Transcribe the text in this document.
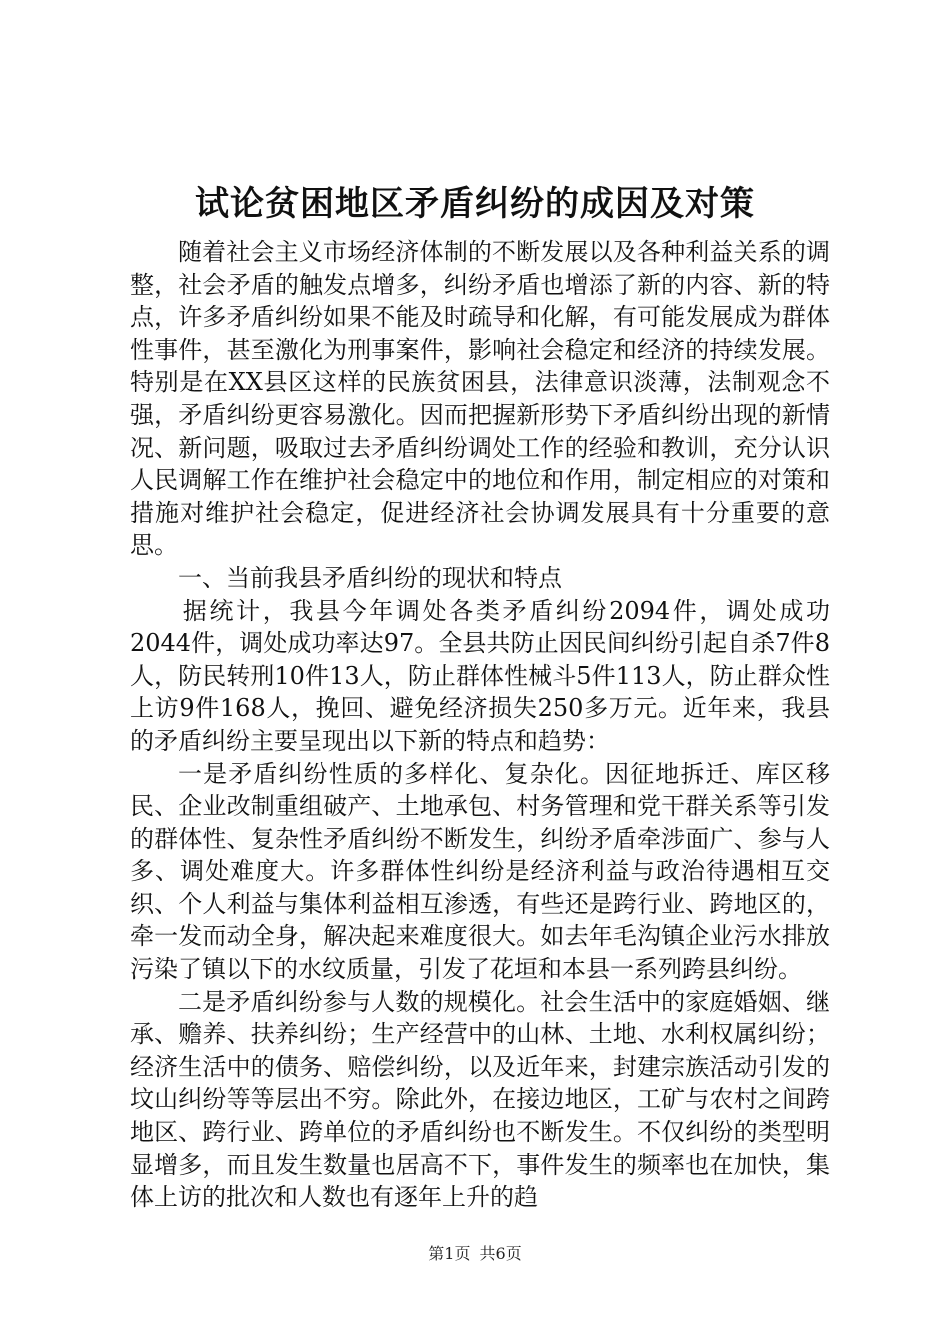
试论贫困地区矛盾纠纷的成因及对策

随着社会主义市场经济体制的不断发展以及各种利益关系的调整，社会矛盾的触发点增多，纠纷矛盾也增添了新的内容、新的特点，许多矛盾纠纷如果不能及时疏导和化解，有可能发展成为群体性事件，甚至激化为刑事案件，影响社会稳定和经济的持续发展。特别是在XX县区这样的民族贫困县，法律意识淡薄，法制观念不强，矛盾纠纷更容易激化。因而把握新形势下矛盾纠纷出现的新情况、新问题，吸取过去矛盾纠纷调处工作的经验和教训，充分认识人民调解工作在维护社会稳定中的地位和作用，制定相应的对策和措施对维护社会稳定，促进经济社会协调发展具有十分重要的意思。

一、当前我县矛盾纠纷的现状和特点

据统计，我县今年调处各类矛盾纠纷2094件，调处成功2044件，调处成功率达97。全县共防止因民间纠纷引起自杀7件8人，防民转刑10件13人，防止群体性械斗5件113人，防止群众性上访9件168人，挽回、避免经济损失250多万元。近年来，我县的矛盾纠纷主要呈现出以下新的特点和趋势：

一是矛盾纠纷性质的多样化、复杂化。因征地拆迁、库区移民、企业改制重组破产、土地承包、村务管理和党干群关系等引发的群体性、复杂性矛盾纠纷不断发生，纠纷矛盾牵涉面广、参与人多、调处难度大。许多群体性纠纷是经济利益与政治待遇相互交织、个人利益与集体利益相互渗透，有些还是跨行业、跨地区的，牵一发而动全身，解决起来难度很大。如去年毛沟镇企业污水排放污染了镇以下的水纹质量，引发了花垣和本县一系列跨县纠纷。

二是矛盾纠纷参与人数的规模化。社会生活中的家庭婚姻、继承、赡养、扶养纠纷；生产经营中的山林、土地、水利权属纠纷；经济生活中的债务、赔偿纠纷，以及近年来，封建宗族活动引发的坟山纠纷等等层出不穷。除此外，在接边地区，工矿与农村之间跨地区、跨行业、跨单位的矛盾纠纷也不断发生。不仅纠纷的类型明显增多，而且发生数量也居高不下，事件发生的频率也在加快，集体上访的批次和人数也有逐年上升的趋

第1页 共6页
